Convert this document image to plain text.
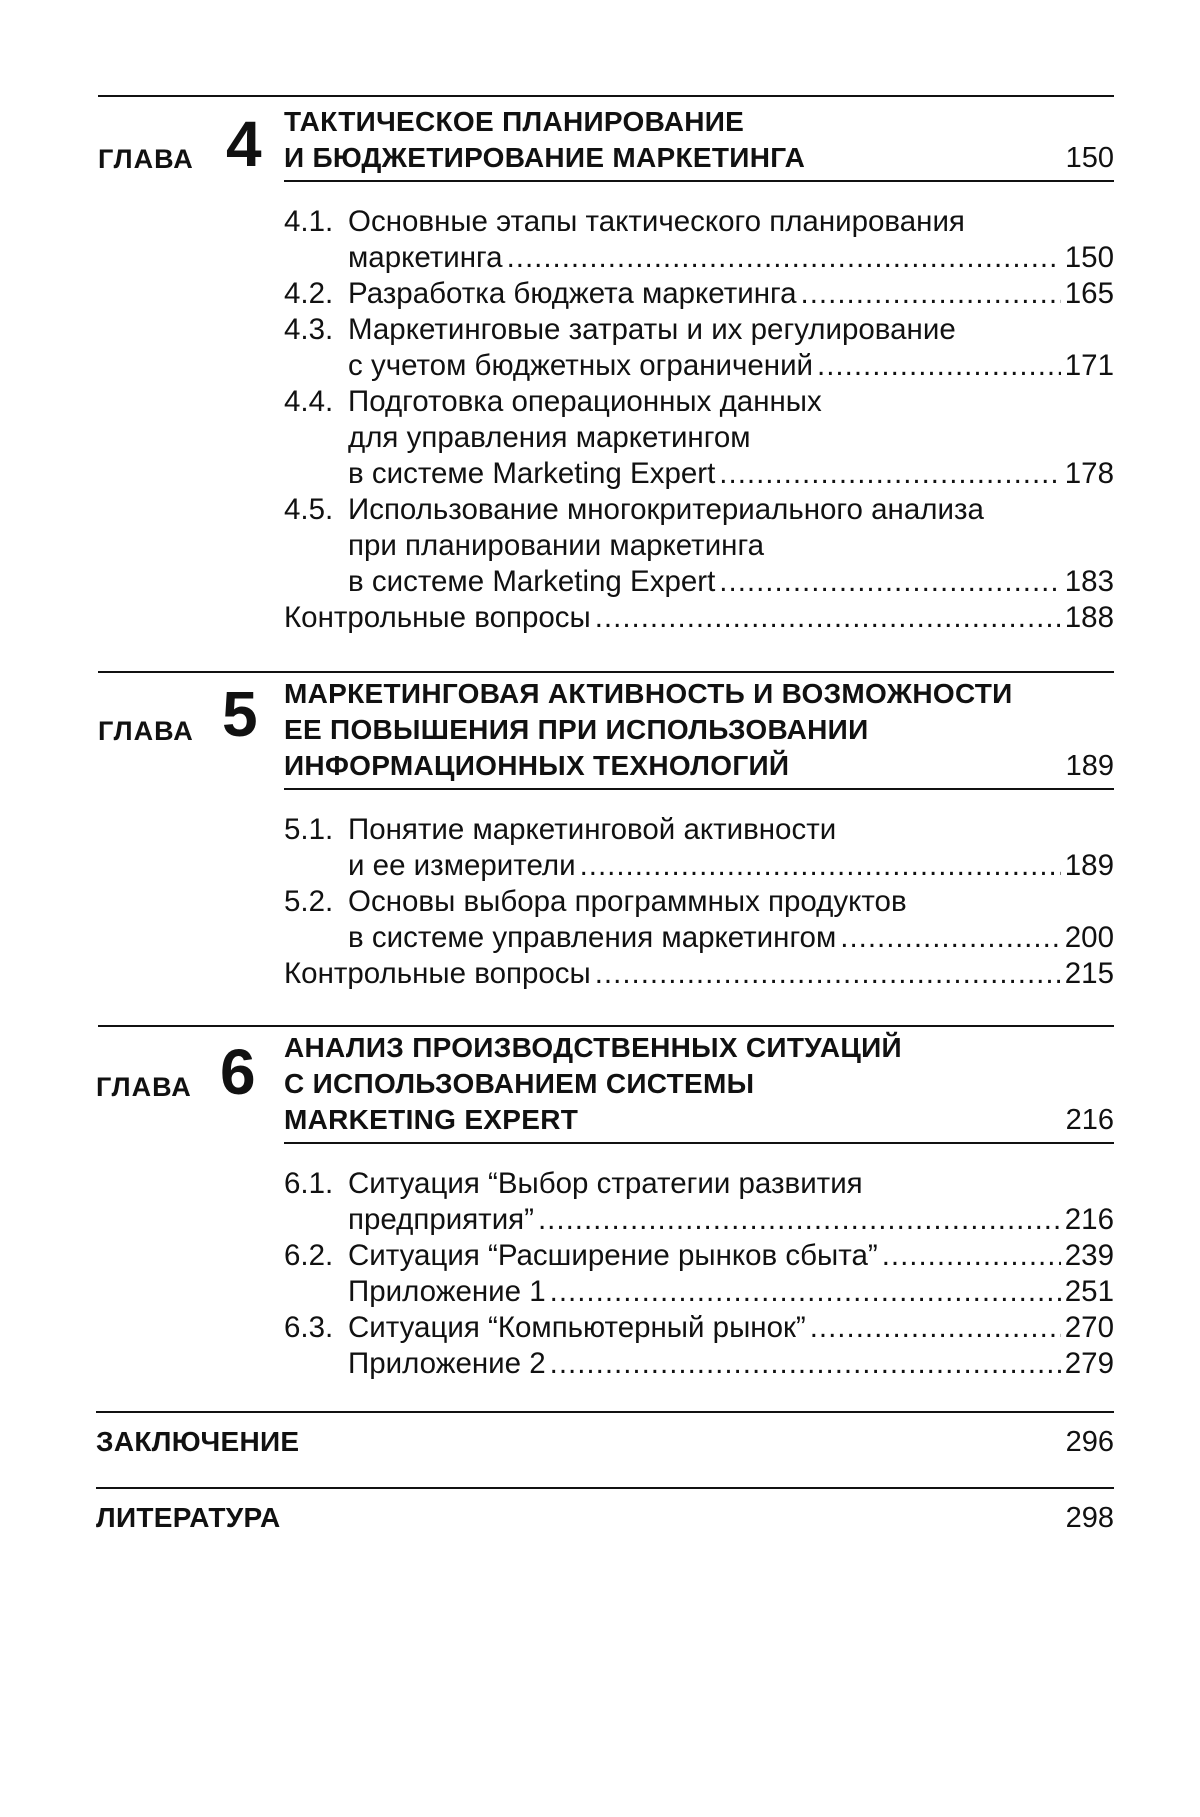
ГЛАВА 4 ТАКТИЧЕСКОЕ ПЛАНИРОВАНИЕ
И БЮДЖЕТИРОВАНИЕ МАРКЕТИНГА	150
4.1. Основные этапы тактического планирования
маркетинга .....	150
4.2. Разработка бюджета маркетинга .....	165
4.3. Маркетинговые затраты и их регулирование
с учетом бюджетных ограничений .....	171
4.4. Подготовка операционных данных
для управления маркетингом
в системе Marketing Expert .....	178
4.5. Использование многокритериального анализа
при планировании маркетинга
в системе Marketing Expert .....	183
Контрольные вопросы .....	188
ГЛАВА 5 МАРКЕТИНГОВАЯ АКТИВНОСТЬ И ВОЗМОЖНОСТИ
ЕЕ ПОВЫШЕНИЯ ПРИ ИСПОЛЬЗОВАНИИ
ИНФОРМАЦИОННЫХ ТЕХНОЛОГИЙ	189
5.1. Понятие маркетинговой активности
и ее измерители .....	189
5.2. Основы выбора программных продуктов
в системе управления маркетингом .....	200
Контрольные вопросы .....	215
ГЛАВА 6 АНАЛИЗ ПРОИЗВОДСТВЕННЫХ СИТУАЦИЙ
С ИСПОЛЬЗОВАНИЕМ СИСТЕМЫ
MARKETING EXPERT	216
6.1. Ситуация “Выбор стратегии развития
предприятия” .....	216
6.2. Ситуация “Расширение рынков сбыта” .....	239
Приложение 1 .....	251
6.3. Ситуация “Компьютерный рынок” .....	270
Приложение 2 .....	279
ЗАКЛЮЧЕНИЕ	296
ЛИТЕРАТУРА	298
